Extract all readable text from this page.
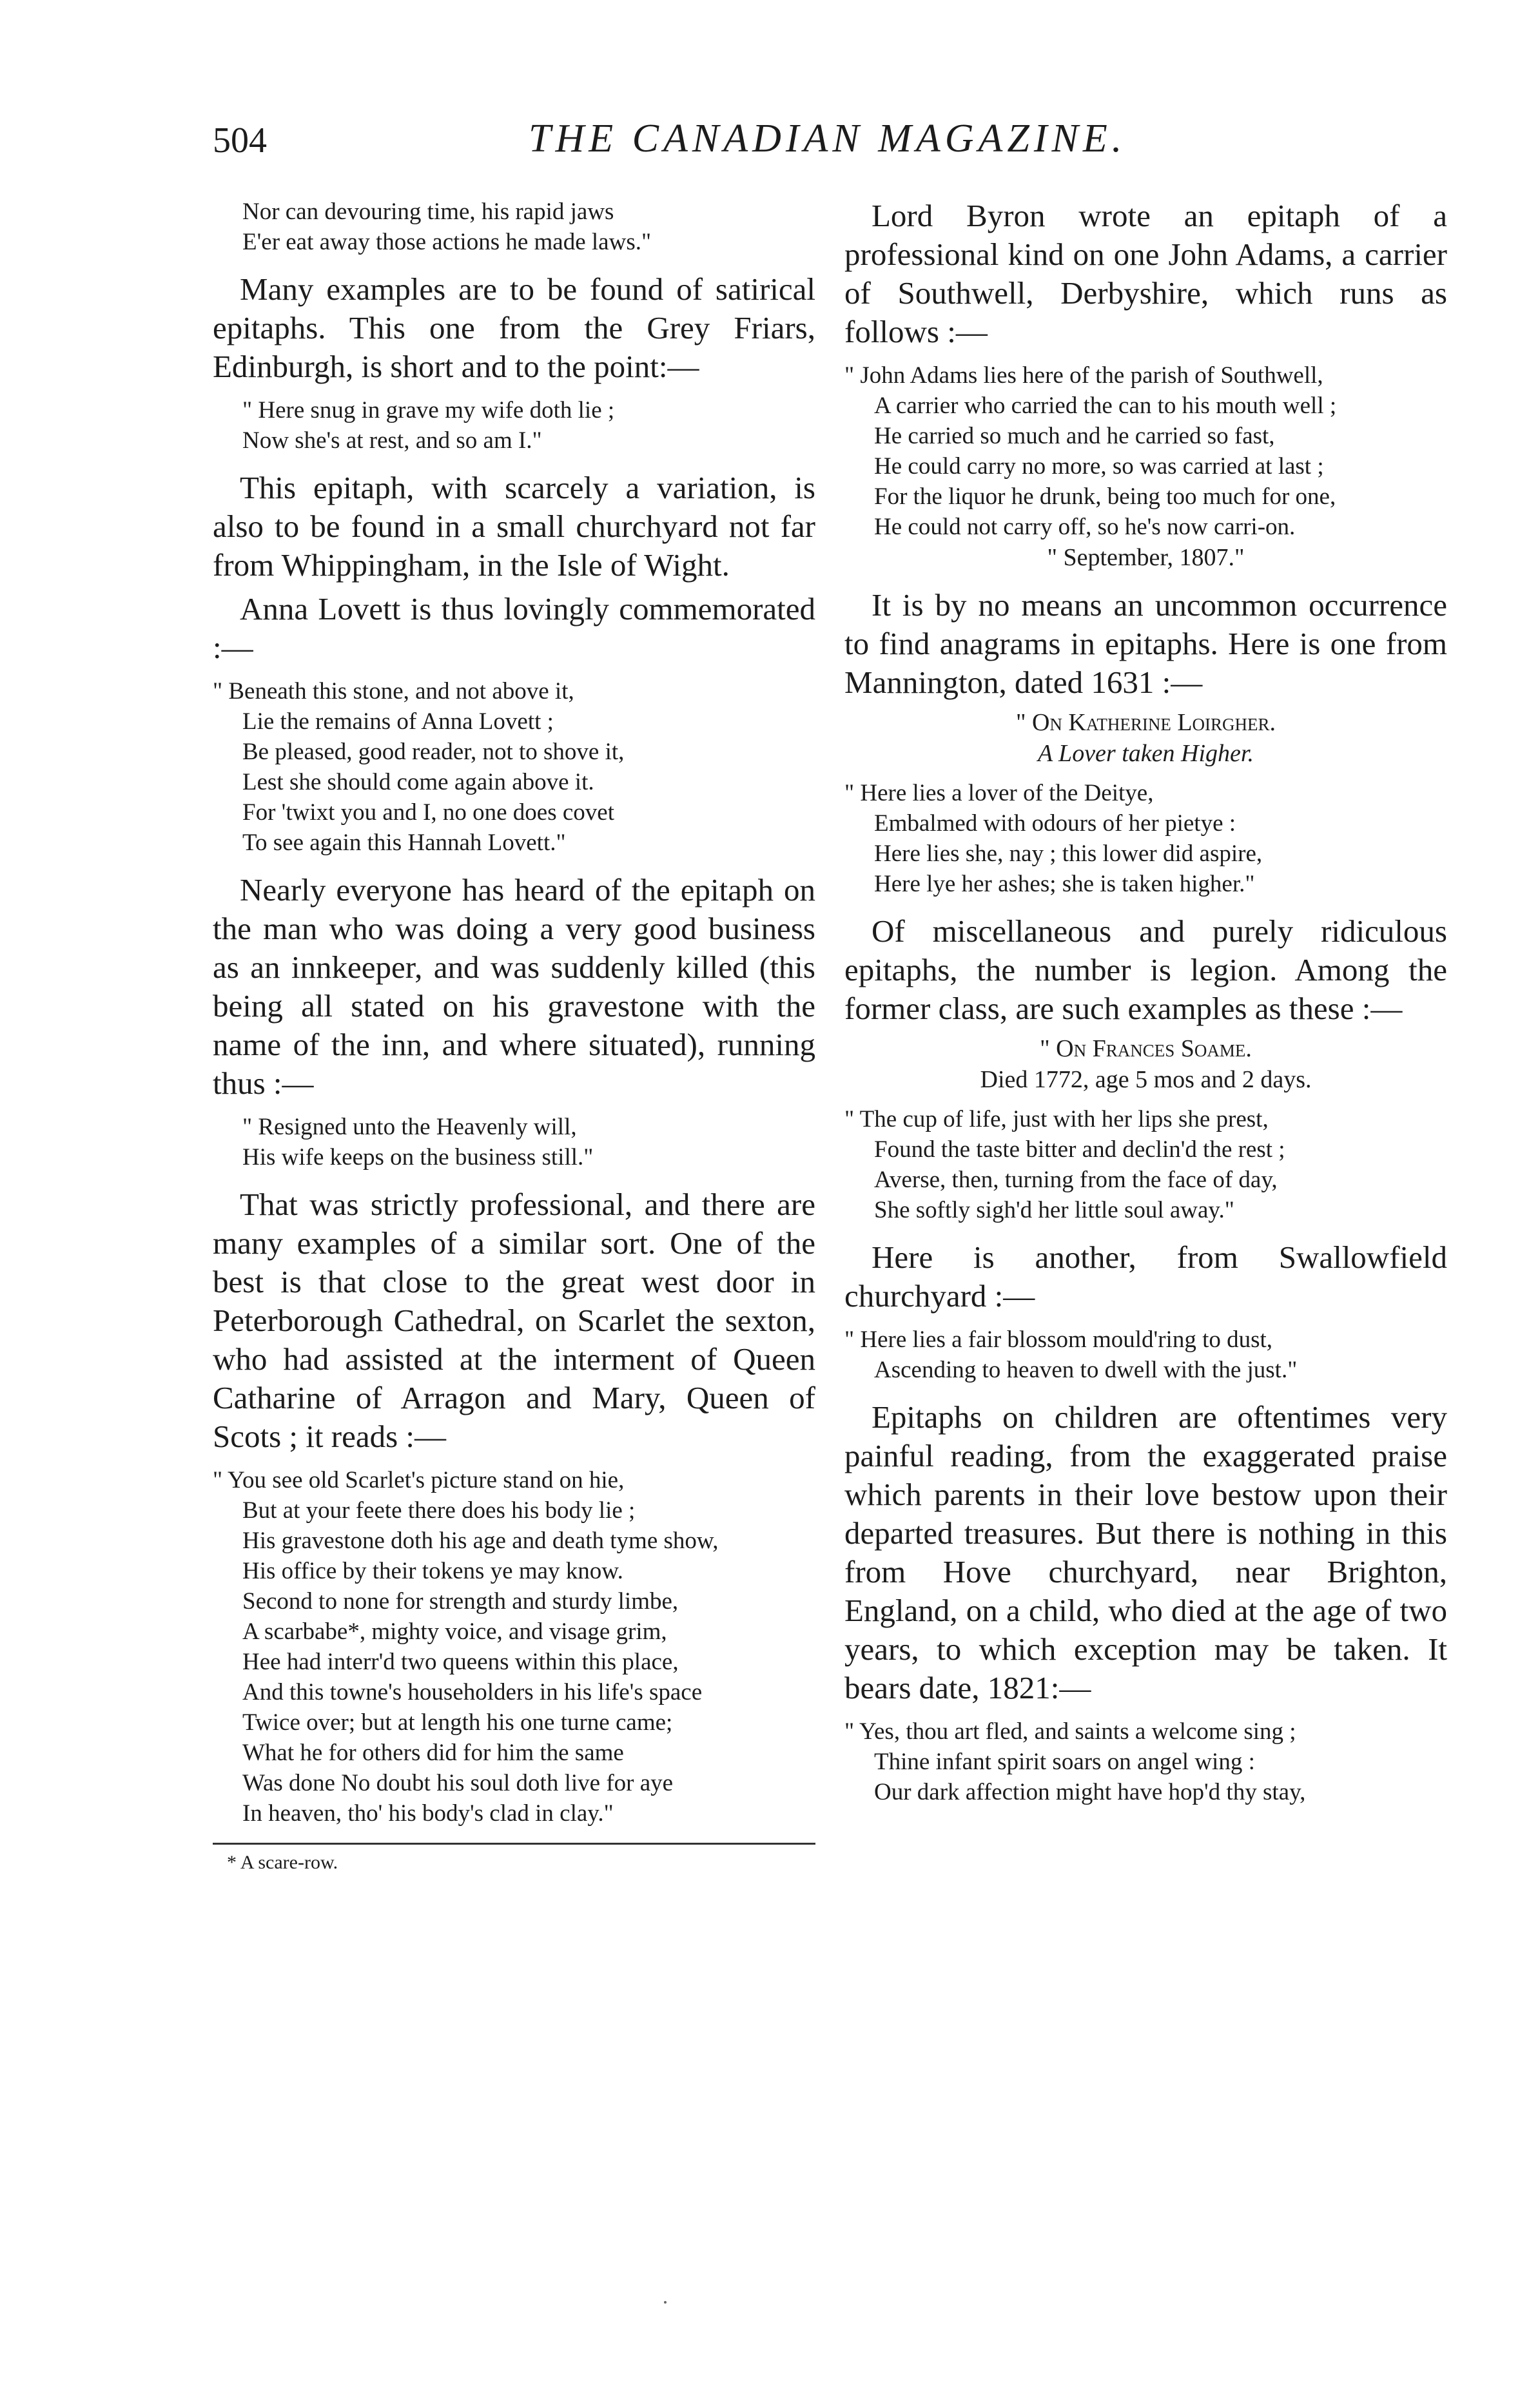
504	THE CANADIAN MAGAZINE.
Nor can devouring time, his rapid jaws
E'er eat away those actions he made laws."

Many examples are to be found of satirical epitaphs. This one from the Grey Friars, Edinburgh, is short and to the point:—

" Here snug in grave my wife doth lie ;
Now she's at rest, and so am I."

This epitaph, with scarcely a variation, is also to be found in a small churchyard not far from Whippingham, in the Isle of Wight.

Anna Lovett is thus lovingly commemorated :—

" Beneath this stone, and not above it,
Lie the remains of Anna Lovett ;
Be pleased, good reader, not to shove it,
Lest she should come again above it.
For 'twixt you and I, no one does covet
To see again this Hannah Lovett."

Nearly everyone has heard of the epitaph on the man who was doing a very good business as an innkeeper, and was suddenly killed (this being all stated on his gravestone with the name of the inn, and where situated), running thus :—

" Resigned unto the Heavenly will,
His wife keeps on the business still."

That was strictly professional, and there are many examples of a similar sort. One of the best is that close to the great west door in Peterborough Cathedral, on Scarlet the sexton, who had assisted at the interment of Queen Catharine of Arragon and Mary, Queen of Scots ; it reads :—

" You see old Scarlet's picture stand on hie,
But at your feete there does his body lie ;
His gravestone doth his age and death tyme show,
His office by their tokens ye may know.
Second to none for strength and sturdy limbe,
A scarbabe*, mighty voice, and visage grim,
Hee had interr'd two queens within this place,
And this towne's householders in his life's space
Twice over; but at length his one turne came;
What he for others did for him the same
Was done No doubt his soul doth live for aye
In heaven, tho' his body's clad in clay."
* A scare-row.

Lord Byron wrote an epitaph of a professional kind on one John Adams, a carrier of Southwell, Derbyshire, which runs as follows :—

" John Adams lies here of the parish of Southwell,
A carrier who carried the can to his mouth well ;
He carried so much and he carried so fast,
He could carry no more, so was carried at last ;
For the liquor he drunk, being too much for one,
He could not carry off, so he's now carri-on.
" September, 1807."

It is by no means an uncommon occurrence to find anagrams in epitaphs. Here is one from Mannington, dated 1631 :—

" On Katherine Loirgher.
A Lover taken Higher.
" Here lies a lover of the Deitye,
Embalmed with odours of her pietye :
Here lies she, nay ; this lower did aspire,
Here lye her ashes; she is taken higher."

Of miscellaneous and purely ridiculous epitaphs, the number is legion. Among the former class, are such examples as these :—

" On Frances Soame.
Died 1772, age 5 mos and 2 days.
" The cup of life, just with her lips she prest,
Found the taste bitter and declin'd the rest ;
Averse, then, turning from the face of day,
She softly sigh'd her little soul away."

Here is another, from Swallowfield churchyard :—

" Here lies a fair blossom mould'ring to dust,
Ascending to heaven to dwell with the just."

Epitaphs on children are oftentimes very painful reading, from the exaggerated praise which parents in their love bestow upon their departed treasures. But there is nothing in this from Hove churchyard, near Brighton, England, on a child, who died at the age of two years, to which exception may be taken. It bears date, 1821:—

" Yes, thou art fled, and saints a welcome sing ;
Thine infant spirit soars on angel wing :
Our dark affection might have hop'd thy stay,
